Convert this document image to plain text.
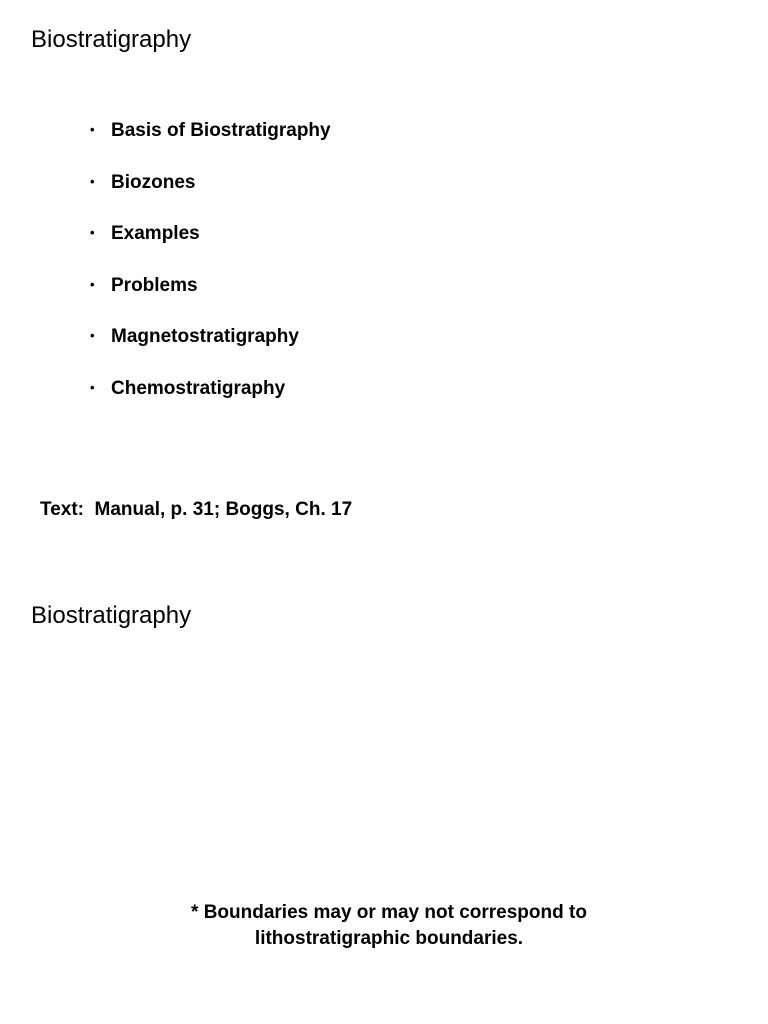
Biostratigraphy
• Basis of Biostratigraphy
• Biozones
• Examples
• Problems
• Magnetostratigraphy
• Chemostratigraphy
Text:  Manual, p. 31; Boggs, Ch. 17
Biostratigraphy
* Boundaries may or may not correspond to
lithostratigraphic boundaries.
